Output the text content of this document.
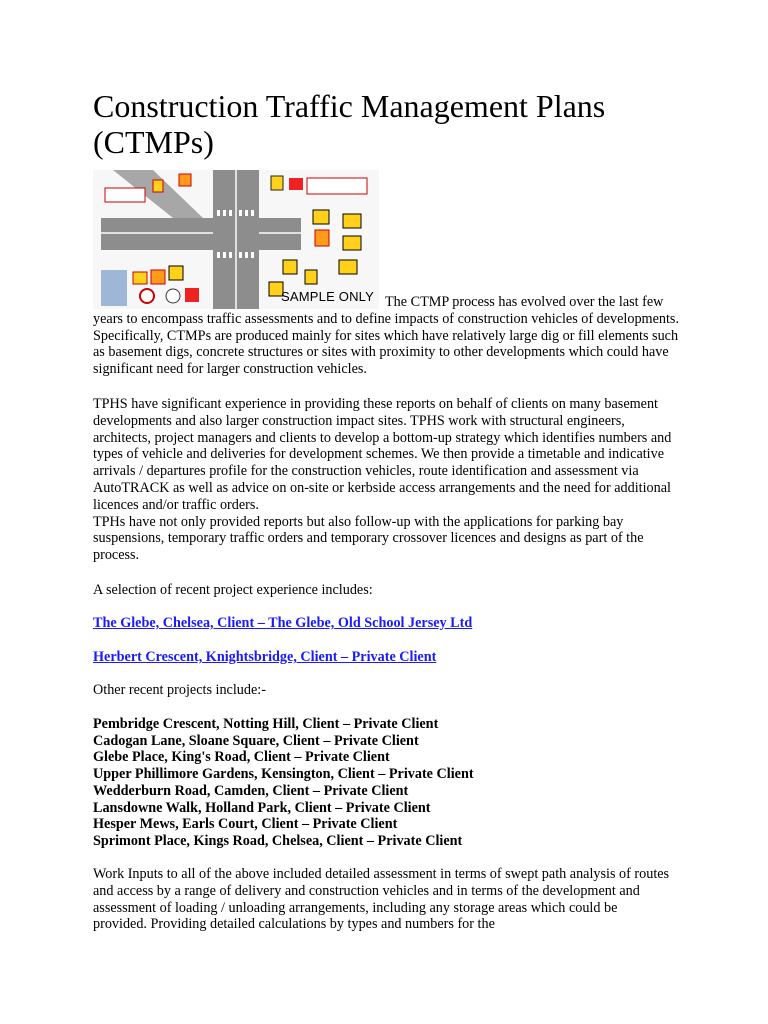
Construction Traffic Management Plans (CTMPs)
SAMPLE ONLY The CTMP process has evolved over the last few years to encompass traffic assessments and to define impacts of construction vehicles of developments. Specifically, CTMPs are produced mainly for sites which have relatively large dig or fill elements such as basement digs, concrete structures or sites with proximity to other developments which could have significant need for larger construction vehicles.

TPHS have significant experience in providing these reports on behalf of clients on many basement developments and also larger construction impact sites. TPHS work with structural engineers, architects, project managers and clients to develop a bottom-up strategy which identifies numbers and types of vehicle and deliveries for development schemes. We then provide a timetable and indicative arrivals / departures profile for the construction vehicles, route identification and assessment via AutoTRACK as well as advice on on-site or kerbside access arrangements and the need for additional licences and/or traffic orders.

TPHs have not only provided reports but also follow-up with the applications for parking bay suspensions, temporary traffic orders and temporary crossover licences and designs as part of the process.

A selection of recent project experience includes:

The Glebe, Chelsea, Client – The Glebe, Old School Jersey Ltd
Herbert Crescent, Knightsbridge, Client – Private Client

Other recent projects include:-

Pembridge Crescent, Notting Hill, Client – Private Client
Cadogan Lane, Sloane Square, Client – Private Client
Glebe Place, King's Road, Client – Private Client
Upper Phillimore Gardens, Kensington, Client – Private Client
Wedderburn Road, Camden, Client – Private Client
Lansdowne Walk, Holland Park, Client – Private Client
Hesper Mews, Earls Court, Client – Private Client
Sprimont Place, Kings Road, Chelsea, Client – Private Client

Work Inputs to all of the above included detailed assessment in terms of swept path analysis of routes and access by a range of delivery and construction vehicles and in terms of the development and assessment of loading / unloading arrangements, including any storage areas which could be provided. Providing detailed calculations by types and numbers for the
